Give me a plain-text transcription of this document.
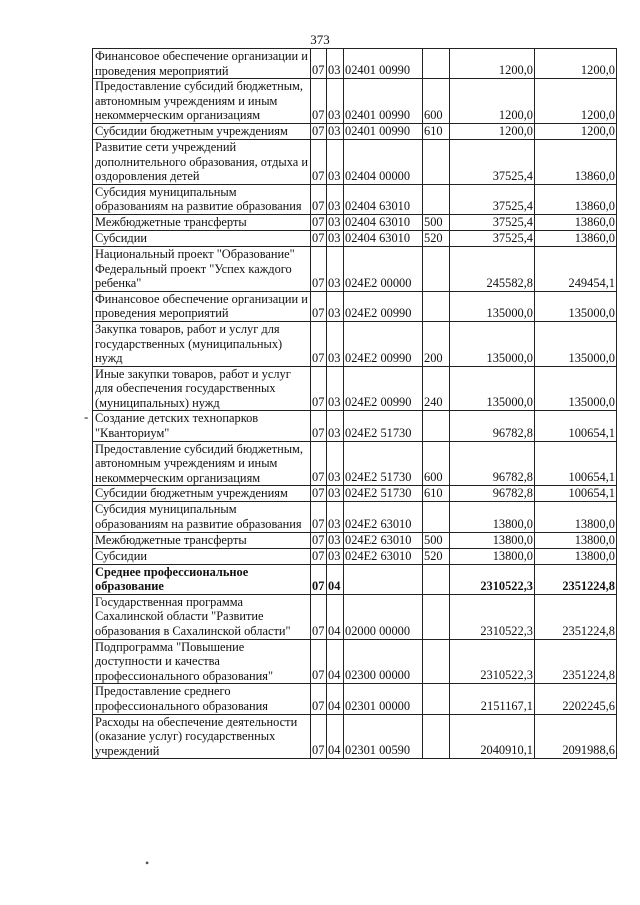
373
-
Финансовое обеспечение организации и проведения мероприятий	07	03	02401 00990		1200,0	1200,0
Предоставление субсидий бюджетным, автономным учреждениям и иным некоммерческим организациям	07	03	02401 00990	600	1200,0	1200,0
Субсидии бюджетным учреждениям	07	03	02401 00990	610	1200,0	1200,0
Развитие сети учреждений дополнительного образования, отдыха и оздоровления детей	07	03	02404 00000		37525,4	13860,0
Субсидия муниципальным образованиям на развитие образования	07	03	02404 63010		37525,4	13860,0
Межбюджетные трансферты	07	03	02404 63010	500	37525,4	13860,0
Субсидии	07	03	02404 63010	520	37525,4	13860,0
Национальный проект "Образование" Федеральный проект "Успех каждого ребенка"	07	03	024E2 00000		245582,8	249454,1
Финансовое обеспечение организации и проведения мероприятий	07	03	024E2 00990		135000,0	135000,0
Закупка товаров, работ и услуг для государственных (муниципальных) нужд	07	03	024E2 00990	200	135000,0	135000,0
Иные закупки товаров, работ и услуг для обеспечения государственных (муниципальных) нужд	07	03	024E2 00990	240	135000,0	135000,0
Создание детских технопарков "Кванториум"	07	03	024E2 51730		96782,8	100654,1
Предоставление субсидий бюджетным, автономным учреждениям и иным некоммерческим организациям	07	03	024E2 51730	600	96782,8	100654,1
Субсидии бюджетным учреждениям	07	03	024E2 51730	610	96782,8	100654,1
Субсидия муниципальным образованиям на развитие образования	07	03	024E2 63010		13800,0	13800,0
Межбюджетные трансферты	07	03	024E2 63010	500	13800,0	13800,0
Субсидии	07	03	024E2 63010	520	13800,0	13800,0
Среднее профессиональное образование	07	04			2310522,3	2351224,8
Государственная программа Сахалинской области "Развитие образования в Сахалинской области"	07	04	02000 00000		2310522,3	2351224,8
Подпрограмма "Повышение доступности и качества профессионального образования"	07	04	02300 00000		2310522,3	2351224,8
Предоставление среднего профессионального образования	07	04	02301 00000		2151167,1	2202245,6
Расходы на обеспечение деятельности (оказание услуг) государственных учреждений	07	04	02301 00590		2040910,1	2091988,6
•
